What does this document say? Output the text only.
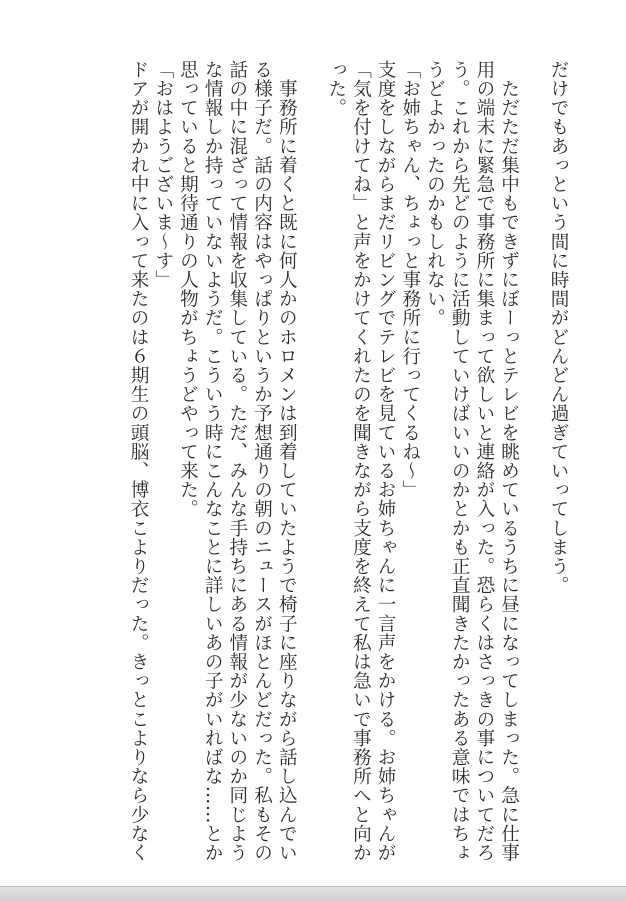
だけでもあっという間に時間がどんどん過ぎていってしまう。

　ただただ集中もできずにぼーっとテレビを眺めているうちに昼になってしまった。急に仕事
用の端末に緊急で事務所に集まって欲しいと連絡が入った。恐らくはさっきの事についてだろ
う。これから先どのように活動していけばいいのかとかも正直聞きたかったある意味ではちょ
うどよかったのかもしれない。
「お姉ちゃん、ちょっと事務所に行ってくるね〜」
支度をしながらまだリビングでテレビを見ているお姉ちゃんに一言声をかける。お姉ちゃんが
「気を付けてね」と声をかけてくれたのを聞きながら支度を終えて私は急いで事務所へと向か
った。

　事務所に着くと既に何人かのホロメンは到着していたようで椅子に座りながら話し込んでい
る様子だ。話の内容はやっぱりというか予想通りの朝のニュースがほとんどだった。私もその
話の中に混ざって情報を収集している。ただ、みんな手持ちにある情報が少ないのか同じよう
な情報しか持っていないようだ。こういう時にこんなことに詳しいあの子がいればな……とか
思っていると期待通りの人物がちょうどやって来た。
「おはようございま〜す」
ドアが開かれ中に入って来たのは６期生の頭脳、博衣こよりだった。きっとこよりなら少なく
